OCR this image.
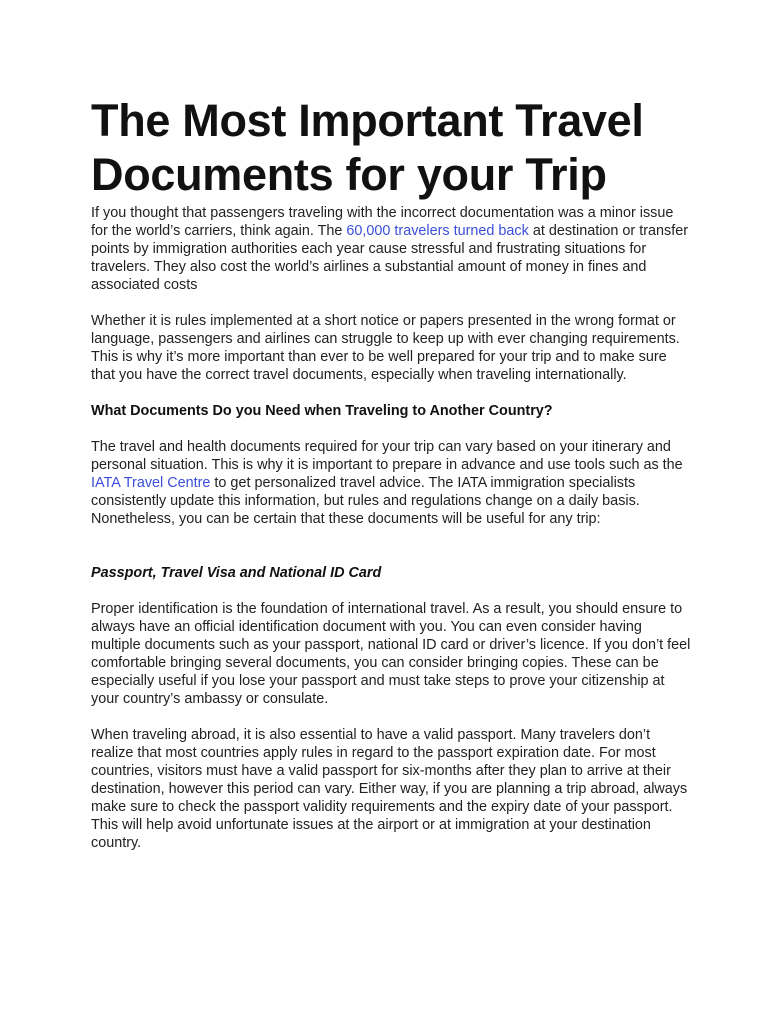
The Most Important Travel Documents for your Trip

If you thought that passengers traveling with the incorrect documentation was a minor issue for the world’s carriers, think again. The 60,000 travelers turned back at destination or transfer points by immigration authorities each year cause stressful and frustrating situations for travelers. They also cost the world’s airlines a substantial amount of money in fines and associated costs

Whether it is rules implemented at a short notice or papers presented in the wrong format or language, passengers and airlines can struggle to keep up with ever changing requirements. This is why it’s more important than ever to be well prepared for your trip and to make sure that you have the correct travel documents, especially when traveling internationally.

What Documents Do you Need when Traveling to Another Country?

The travel and health documents required for your trip can vary based on your itinerary and personal situation. This is why it is important to prepare in advance and use tools such as the IATA Travel Centre to get personalized travel advice. The IATA immigration specialists consistently update this information, but rules and regulations change on a daily basis. Nonetheless, you can be certain that these documents will be useful for any trip:

Passport, Travel Visa and National ID Card

Proper identification is the foundation of international travel. As a result, you should ensure to always have an official identification document with you. You can even consider having multiple documents such as your passport, national ID card or driver’s licence. If you don’t feel comfortable bringing several documents, you can consider bringing copies. These can be especially useful if you lose your passport and must take steps to prove your citizenship at your country’s ambassy or consulate.

When traveling abroad, it is also essential to have a valid passport. Many travelers don’t realize that most countries apply rules in regard to the passport expiration date. For most countries, visitors must have a valid passport for six-months after they plan to arrive at their destination, however this period can vary. Either way, if you are planning a trip abroad, always make sure to check the passport validity requirements and the expiry date of your passport. This will help avoid unfortunate issues at the airport or at immigration at your destination country.
